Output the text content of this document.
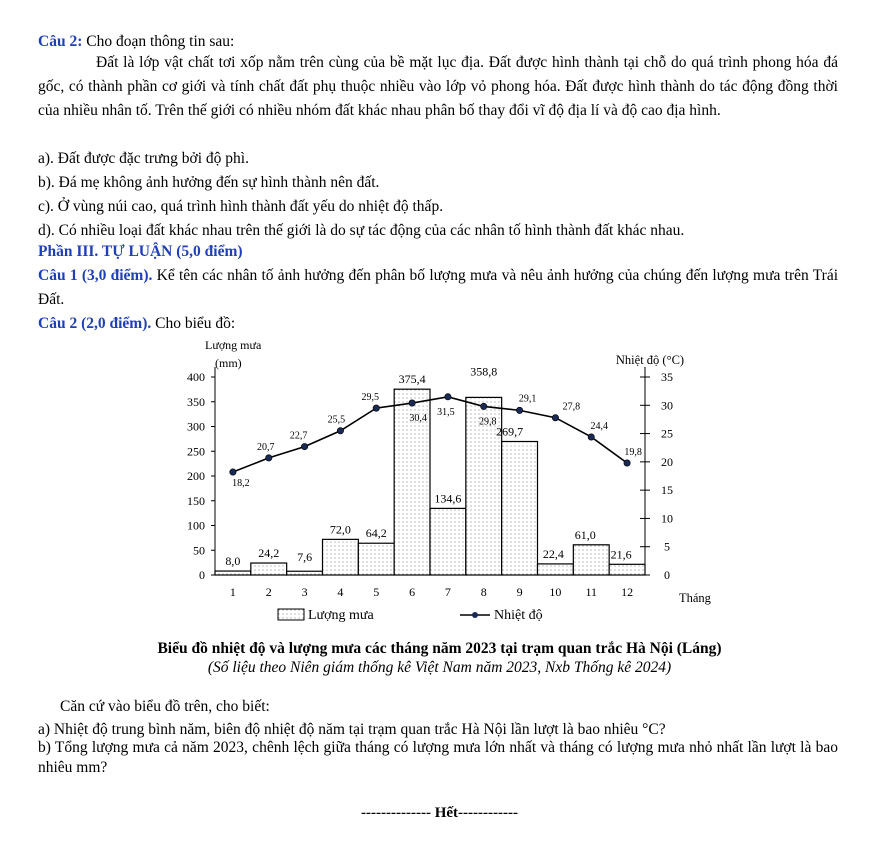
Câu 2: Cho đoạn thông tin sau:
Đất là lớp vật chất tơi xốp nằm trên cùng của bề mặt lục địa. Đất được hình thành tại chỗ do quá trình phong hóa đá gốc, có thành phần cơ giới và tính chất đất phụ thuộc nhiều vào lớp vỏ phong hóa. Đất được hình thành do tác động đồng thời của nhiều nhân tố. Trên thế giới có nhiều nhóm đất khác nhau phân bố thay đổi vĩ độ địa lí và độ cao địa hình.
a). Đất được đặc trưng bởi độ phì.
b). Đá mẹ không ảnh hưởng đến sự hình thành nên đất.
c). Ở vùng núi cao, quá trình hình thành đất yếu do nhiệt độ thấp.
d). Có nhiều loại đất khác nhau trên thế giới là do sự tác động của các nhân tố hình thành đất khác nhau.
Phần III. TỰ LUẬN (5,0 điểm)
Câu 1 (3,0 điểm). Kể tên các nhân tố ảnh hưởng đến phân bố lượng mưa và nêu ảnh hưởng của chúng đến lượng mưa trên Trái Đất.
Câu 2 (2,0 điểm). Cho biểu đồ:
0
50
100
150
200
250
300
350
400
0
5
10
15
20
25
30
35
Lượng mưa
(mm)	Nhiệt độ (°C)
Tháng
1 2 3 4 5 6 7 8 9 10 11 12
8,0
24,2 7,6
72,0 64,2
375,4
134,6
358,8
269,7
22,4
61,0
21,6
18,2
20,7
22,7
25,5
29,5
30,4
31,5
29,8
29,1
27,8
24,4
19,8
Lượng mưa	Nhiệt độ
Biểu đồ nhiệt độ và lượng mưa các tháng năm 2023 tại trạm quan trắc Hà Nội (Láng)
(Số liệu theo Niên giám thống kê Việt Nam năm 2023, Nxb Thống kê 2024)
Căn cứ vào biểu đồ trên, cho biết:
a) Nhiệt độ trung bình năm, biên độ nhiệt độ năm tại trạm quan trắc Hà Nội lần lượt là bao nhiêu °C?
b) Tổng lượng mưa cả năm 2023, chênh lệch giữa tháng có lượng mưa lớn nhất và tháng có lượng mưa nhỏ nhất lần lượt là bao nhiêu mm?
-------------- Hết------------
